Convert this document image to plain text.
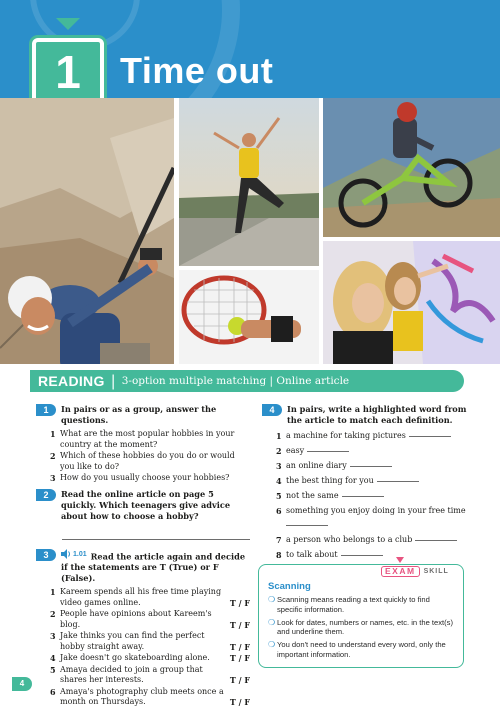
1	Time out
READING | 3-option multiple matching | Online article
1	In pairs or as a group, answer the questions.
1 What are the most popular hobbies in your country at the moment?
2 Which of these hobbies do you do or would you like to do?
3 How do you usually choose your hobbies?
2	Read the online article on page 5 quickly. Which teenagers give advice about how to choose a hobby?
3	1.01 Read the article again and decide if the statements are T (True) or F (False).
1 Kareem spends all his free time playing video games online.	T / F
2 People have opinions about Kareem's blog.	T / F
3 Jake thinks you can find the perfect hobby straight away.	T / F
4 Jake doesn't go skateboarding alone.	T / F
5 Amaya decided to join a group that shares her interests.	T / F
6 Amaya's photography club meets once a month on Thursdays.	T / F
4	In pairs, write a highlighted word from the article to match each definition.
1 a machine for taking pictures
2 easy
3 an online diary
4 the best thing for you
5 not the same
6 something you enjoy doing in your free time

7 a person who belongs to a club
8 to talk about
EXAM	SKILL
Scanning
❍ Scanning means reading a text quickly to find specific information.
❍ Look for dates, numbers or names, etc. in the text(s) and underline them.
❍ You don't need to understand every word, only the important information.
4
